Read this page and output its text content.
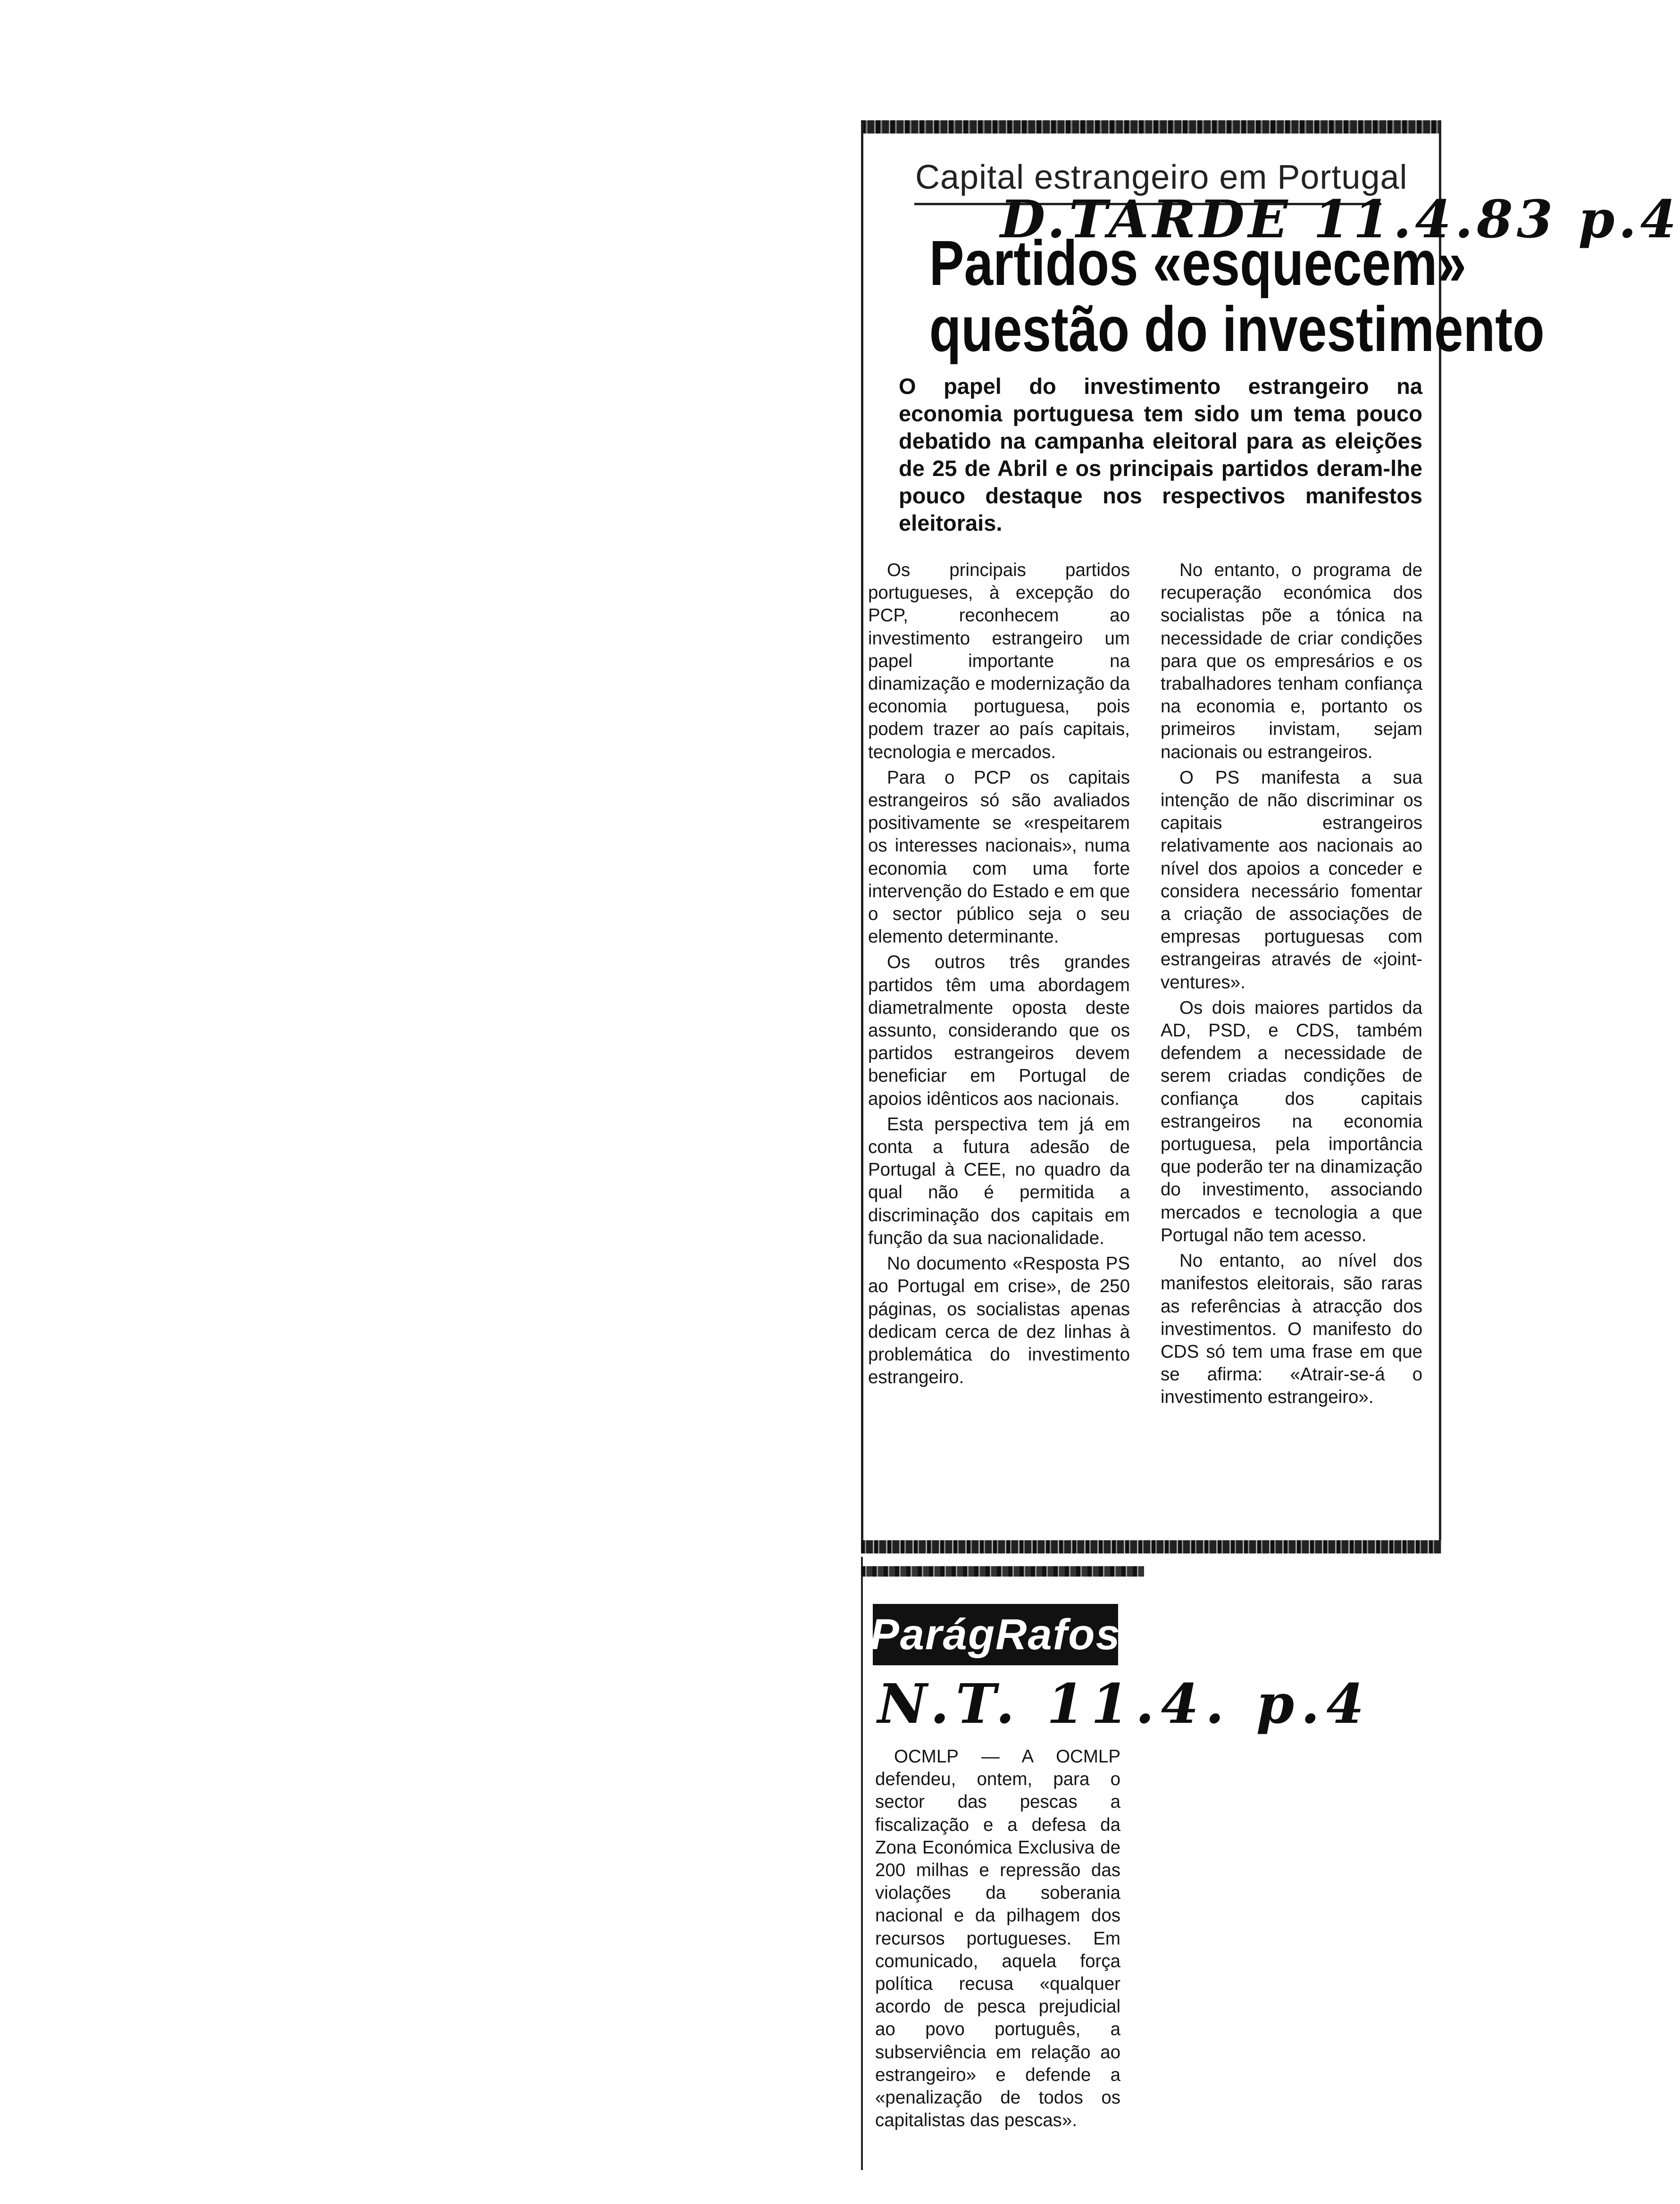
Capital estrangeiro em Portugal
D.TARDE 11.4.83 p.4
Partidos «esquecem»
questão do investimento
O papel do investimento estrangeiro na economia portuguesa tem sido um tema pouco debatido na campanha eleitoral para as eleições de 25 de Abril e os principais partidos deram-lhe pouco destaque nos respectivos manifestos eleitorais.

Os principais partidos portugueses, à excepção do PCP, reconhecem ao investimento estrangeiro um papel importante na dinamização e modernização da economia portuguesa, pois podem trazer ao país capitais, tecnologia e mercados.

Para o PCP os capitais estrangeiros só são avaliados positivamente se «respeitarem os interesses nacionais», numa economia com uma forte intervenção do Estado e em que o sector público seja o seu elemento determinante.

Os outros três grandes partidos têm uma abordagem diametralmente oposta deste assunto, considerando que os partidos estrangeiros devem beneficiar em Portugal de apoios idênticos aos nacionais.

Esta perspectiva tem já em conta a futura adesão de Portugal à CEE, no quadro da qual não é permitida a discriminação dos capitais em função da sua nacionalidade.

No documento «Resposta PS ao Portugal em crise», de 250 páginas, os socialistas apenas dedicam cerca de dez linhas à problemática do investimento estrangeiro.

No entanto, o programa de recuperação económica dos socialistas põe a tónica na necessidade de criar condições para que os empresários e os trabalhadores tenham confiança na economia e, portanto os primeiros invistam, sejam nacionais ou estrangeiros.

O PS manifesta a sua intenção de não discriminar os capitais estrangeiros relativamente aos nacionais ao nível dos apoios a conceder e considera necessário fomentar a criação de associações de empresas portuguesas com estrangeiras através de «joint-ventures».

Os dois maiores partidos da AD, PSD, e CDS, também defendem a necessidade de serem criadas condições de confiança dos capitais estrangeiros na economia portuguesa, pela importância que poderão ter na dinamização do investimento, associando mercados e tecnologia a que Portugal não tem acesso.

No entanto, ao nível dos manifestos eleitorais, são raras as referências à atracção dos investimentos. O manifesto do CDS só tem uma frase em que se afirma: «Atrair-se-á o investimento estrangeiro».

ParágRafos
N.T. 11.4. p.4

OCMLP — A OCMLP defendeu, ontem, para o sector das pescas a fiscalização e a defesa da Zona Económica Exclusiva de 200 milhas e repressão das violações da soberania nacional e da pilhagem dos recursos portugueses. Em comunicado, aquela força política recusa «qualquer acordo de pesca prejudicial ao povo português, a subserviência em relação ao estrangeiro» e defende a «penalização de todos os capitalistas das pescas».
